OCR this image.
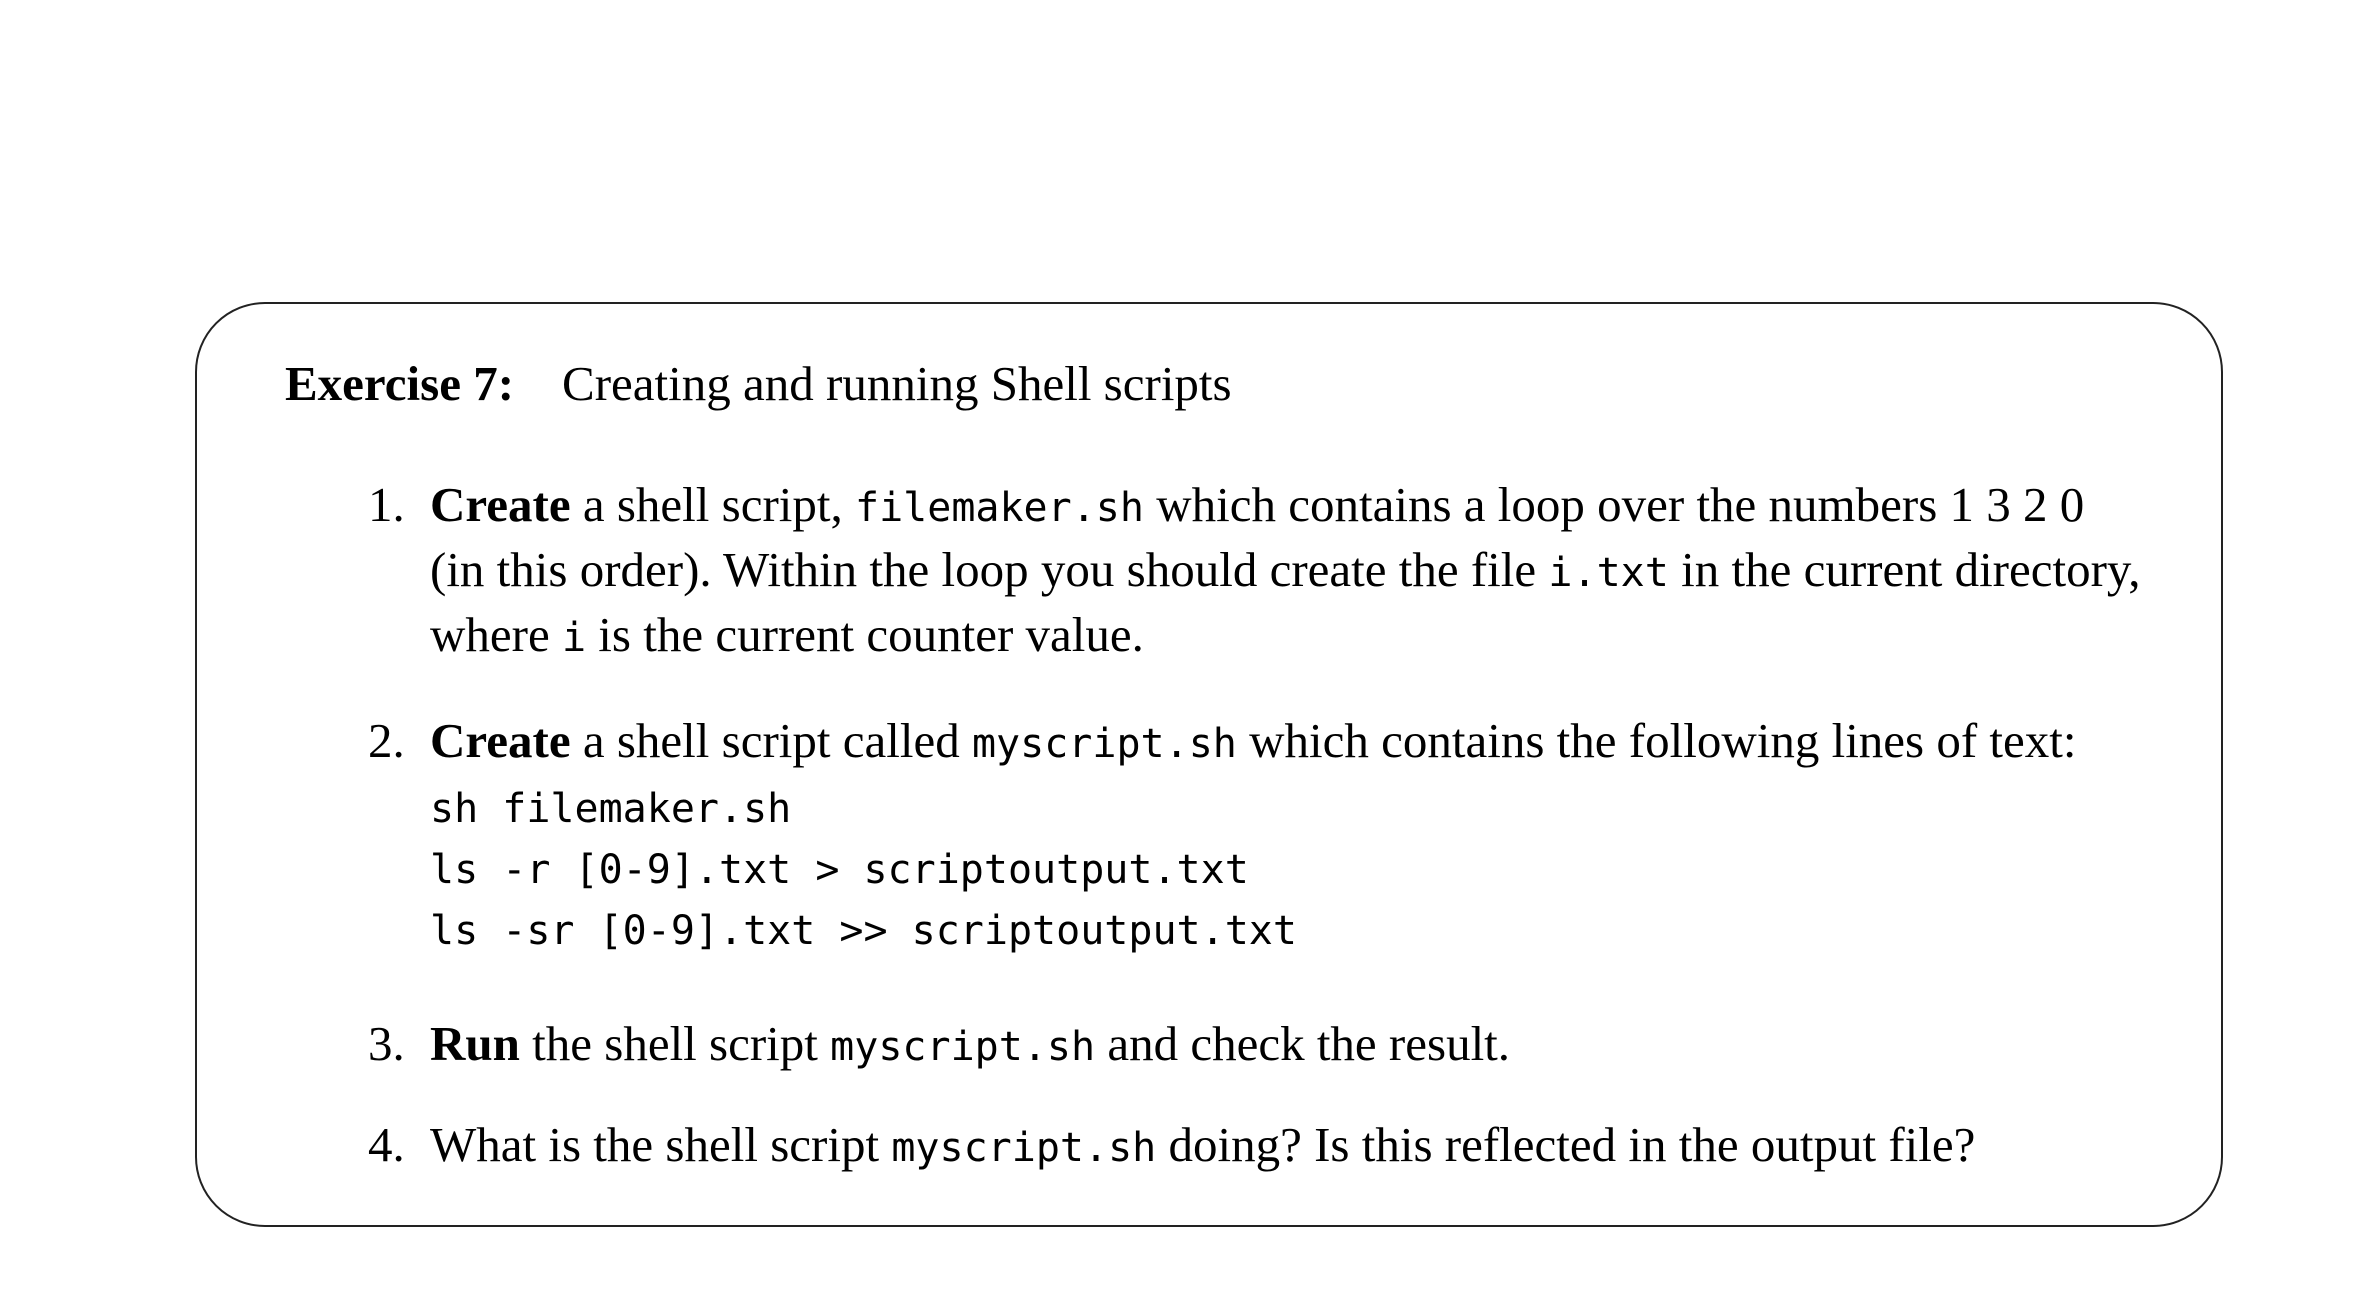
Exercise 7: Creating and running Shell scripts
1. Create a shell script, filemaker.sh which contains a loop over the numbers 1 3 2 0
(in this order). Within the loop you should create the file i.txt in the current directory,
where i is the current counter value.
2. Create a shell script called myscript.sh which contains the following lines of text:
sh filemaker.sh
ls -r [0-9].txt > scriptoutput.txt
ls -sr [0-9].txt >> scriptoutput.txt
3. Run the shell script myscript.sh and check the result.
4. What is the shell script myscript.sh doing? Is this reflected in the output file?
